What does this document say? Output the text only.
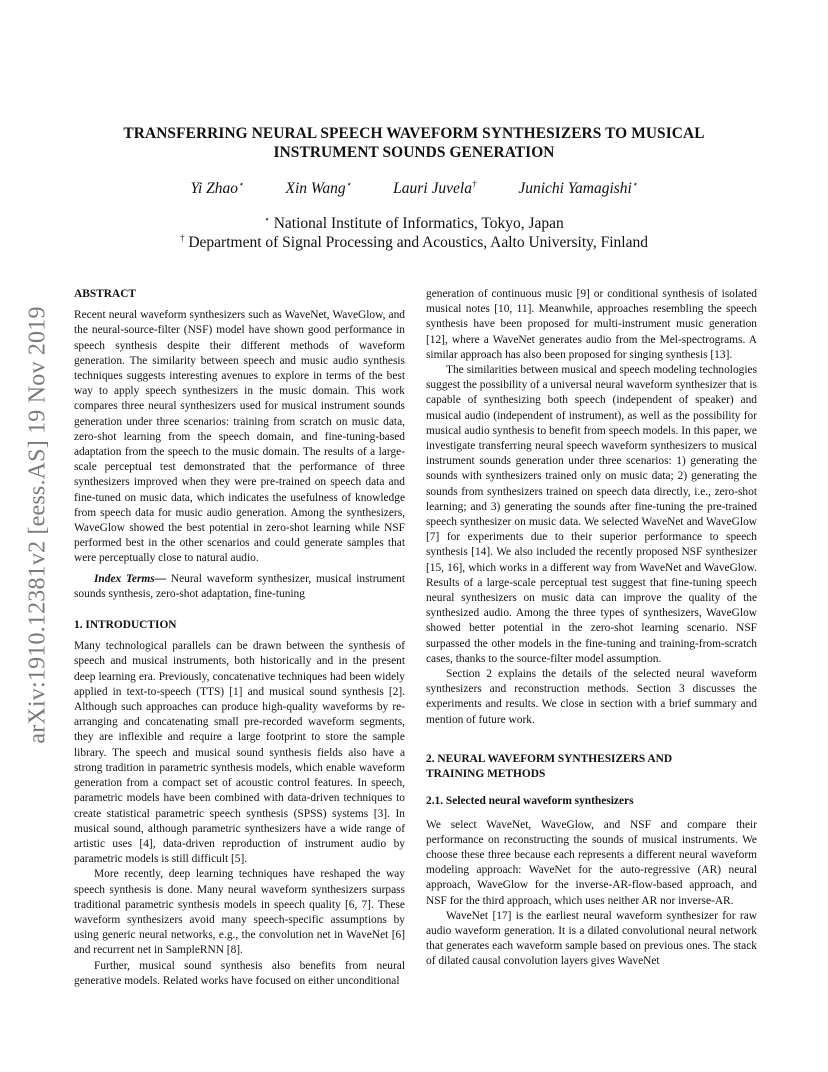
arXiv:1910.12381v2 [eess.AS] 19 Nov 2019
TRANSFERRING NEURAL SPEECH WAVEFORM SYNTHESIZERS TO MUSICAL
INSTRUMENT SOUNDS GENERATION
Yi Zhao⋆	Xin Wang⋆	Lauri Juvela†	Junichi Yamagishi⋆
⋆ National Institute of Informatics, Tokyo, Japan
† Department of Signal Processing and Acoustics, Aalto University, Finland

ABSTRACT

Recent neural waveform synthesizers such as WaveNet, WaveGlow, and the neural-source-filter (NSF) model have shown good performance in speech synthesis despite their different methods of waveform generation. The similarity between speech and music audio synthesis techniques suggests interesting avenues to explore in terms of the best way to apply speech synthesizers in the music domain. This work compares three neural synthesizers used for musical instrument sounds generation under three scenarios: training from scratch on music data, zero-shot learning from the speech domain, and fine-tuning-based adaptation from the speech to the music domain. The results of a large-scale perceptual test demonstrated that the performance of three synthesizers improved when they were pre-trained on speech data and fine-tuned on music data, which indicates the usefulness of knowledge from speech data for music audio generation. Among the synthesizers, WaveGlow showed the best potential in zero-shot learning while NSF performed best in the other scenarios and could generate samples that were perceptually close to natural audio.

Index Terms— Neural waveform synthesizer, musical instrument sounds synthesis, zero-shot adaptation, fine-tuning

1. INTRODUCTION

Many technological parallels can be drawn between the synthesis of speech and musical instruments, both historically and in the present deep learning era. Previously, concatenative techniques had been widely applied in text-to-speech (TTS) [1] and musical sound synthesis [2]. Although such approaches can produce high-quality waveforms by re-arranging and concatenating small pre-recorded waveform segments, they are inflexible and require a large footprint to store the sample library. The speech and musical sound synthesis fields also have a strong tradition in parametric synthesis models, which enable waveform generation from a compact set of acoustic control features. In speech, parametric models have been combined with data-driven techniques to create statistical parametric speech synthesis (SPSS) systems [3]. In musical sound, although parametric synthesizers have a wide range of artistic uses [4], data-driven reproduction of instrument audio by parametric models is still difficult [5].

More recently, deep learning techniques have reshaped the way speech synthesis is done. Many neural waveform synthesizers surpass traditional parametric synthesis models in speech quality [6, 7]. These waveform synthesizers avoid many speech-specific assumptions by using generic neural networks, e.g., the convolution net in WaveNet [6] and recurrent net in SampleRNN [8].

Further, musical sound synthesis also benefits from neural generative models. Related works have focused on either unconditional

generation of continuous music [9] or conditional synthesis of isolated musical notes [10, 11]. Meanwhile, approaches resembling the speech synthesis have been proposed for multi-instrument music generation [12], where a WaveNet generates audio from the Mel-spectrograms. A similar approach has also been proposed for singing synthesis [13].

The similarities between musical and speech modeling technologies suggest the possibility of a universal neural waveform synthesizer that is capable of synthesizing both speech (independent of speaker) and musical audio (independent of instrument), as well as the possibility for musical audio synthesis to benefit from speech models. In this paper, we investigate transferring neural speech waveform synthesizers to musical instrument sounds generation under three scenarios: 1) generating the sounds with synthesizers trained only on music data; 2) generating the sounds from synthesizers trained on speech data directly, i.e., zero-shot learning; and 3) generating the sounds after fine-tuning the pre-trained speech synthesizer on music data. We selected WaveNet and WaveGlow [7] for experiments due to their superior performance to speech synthesis [14]. We also included the recently proposed NSF synthesizer [15, 16], which works in a different way from WaveNet and WaveGlow. Results of a large-scale perceptual test suggest that fine-tuning speech neural synthesizers on music data can improve the quality of the synthesized audio. Among the three types of synthesizers, WaveGlow showed better potential in the zero-shot learning scenario. NSF surpassed the other models in the fine-tuning and training-from-scratch cases, thanks to the source-filter model assumption.

Section 2 explains the details of the selected neural waveform synthesizers and reconstruction methods. Section 3 discusses the experiments and results. We close in section with a brief summary and mention of future work.

2. NEURAL WAVEFORM SYNTHESIZERS AND
TRAINING METHODS

2.1. Selected neural waveform synthesizers

We select WaveNet, WaveGlow, and NSF and compare their performance on reconstructing the sounds of musical instruments. We choose these three because each represents a different neural waveform modeling approach: WaveNet for the auto-regressive (AR) neural approach, WaveGlow for the inverse-AR-flow-based approach, and NSF for the third approach, which uses neither AR nor inverse-AR.

WaveNet [17] is the earliest neural waveform synthesizer for raw audio waveform generation. It is a dilated convolutional neural network that generates each waveform sample based on previous ones. The stack of dilated causal convolution layers gives WaveNet
